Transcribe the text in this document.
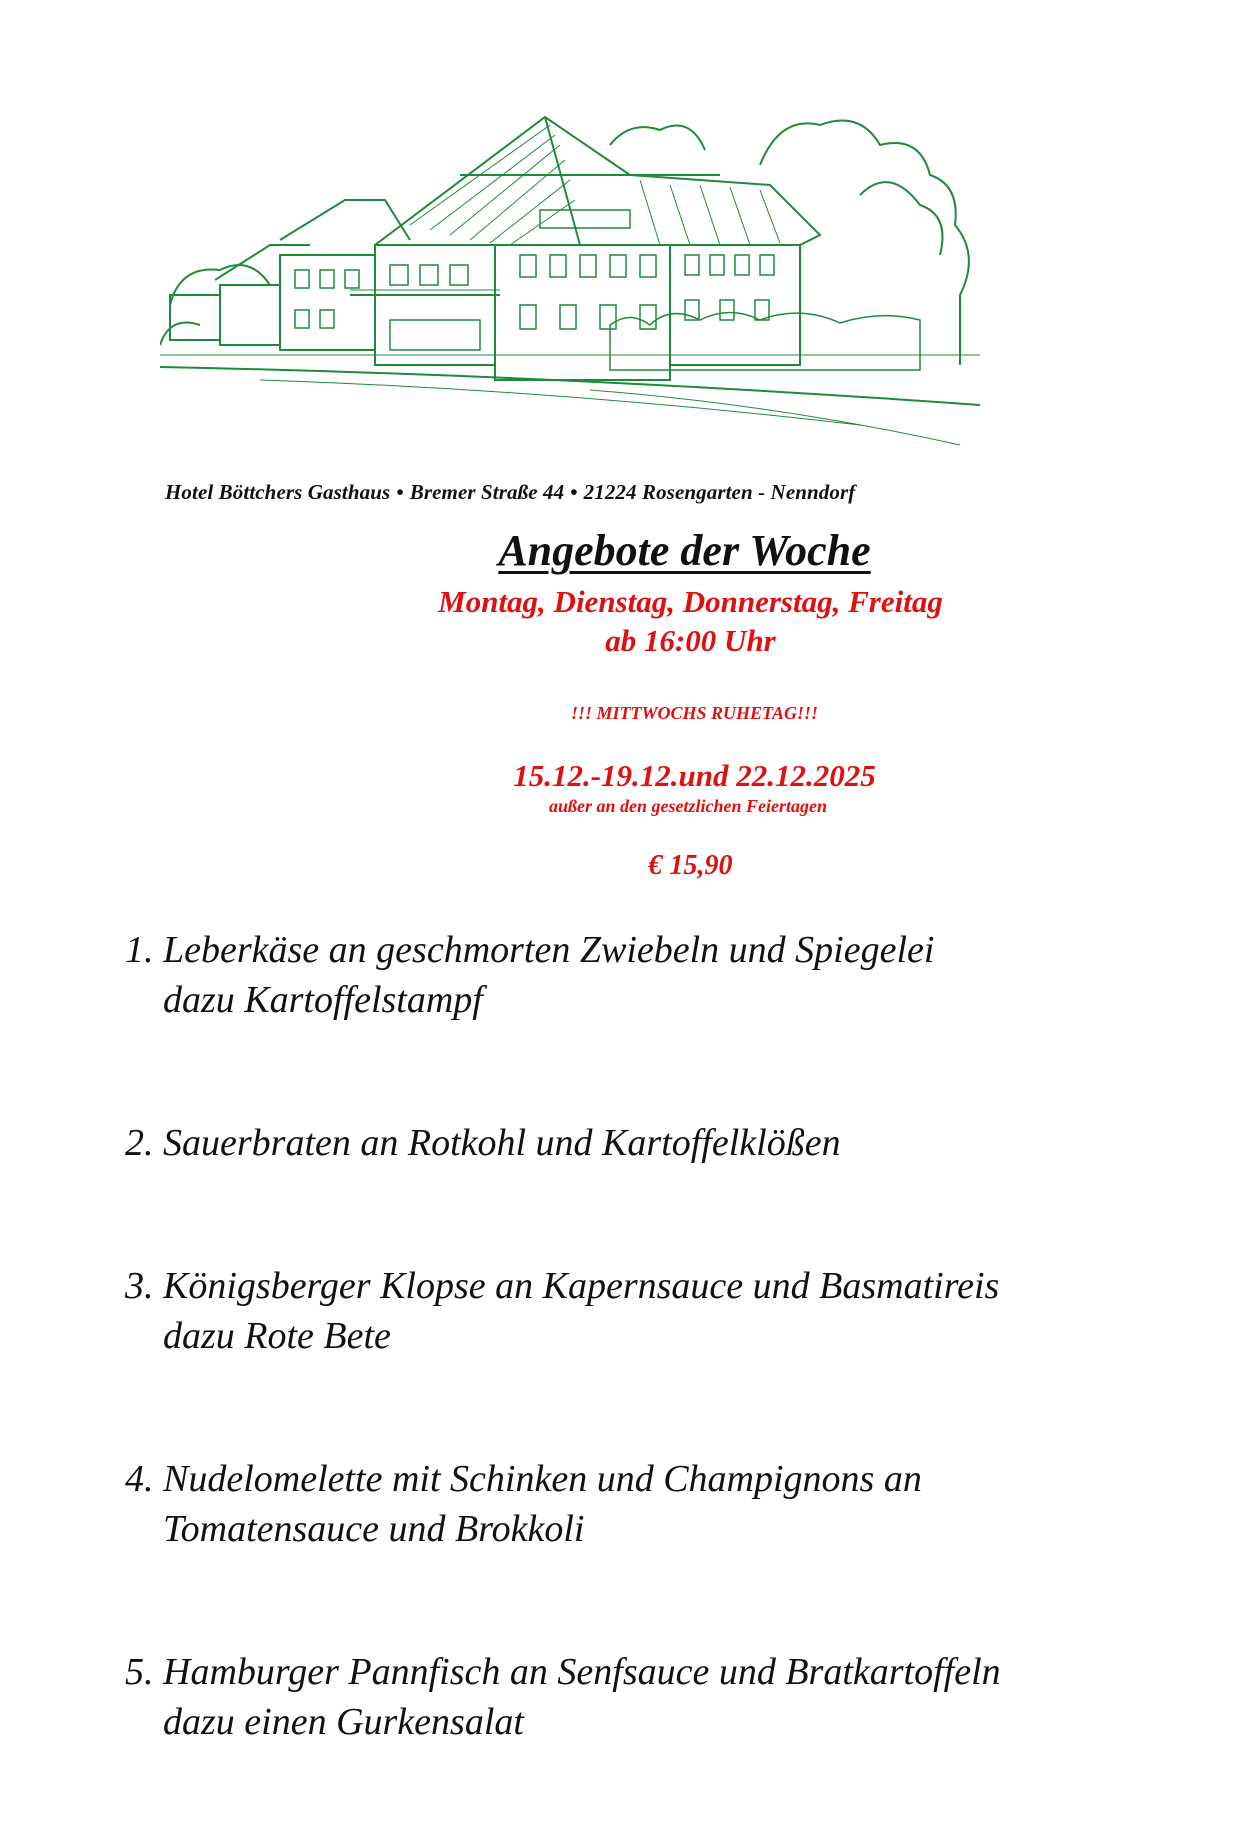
Hotel Böttchers Gasthaus • Bremer Straße 44 • 21224 Rosengarten - Nenndorf
Angebote der Woche

Montag, Dienstag, Donnerstag, Freitag

ab 16:00 Uhr

!!! MITTWOCHS RUHETAG!!!

15.12.-19.12.und 22.12.2025

außer an den gesetzlichen Feiertagen

€ 15,90

1. Leberkäse an geschmorten Zwiebeln und Spiegelei
dazu Kartoffelstampf
2. Sauerbraten an Rotkohl und Kartoffelklößen
3. Königsberger Klopse an Kapernsauce und Basmatireis
dazu Rote Bete
4. Nudelomelette mit Schinken und Champignons an
Tomatensauce und Brokkoli
5. Hamburger Pannfisch an Senfsauce und Bratkartoffeln
dazu einen Gurkensalat
